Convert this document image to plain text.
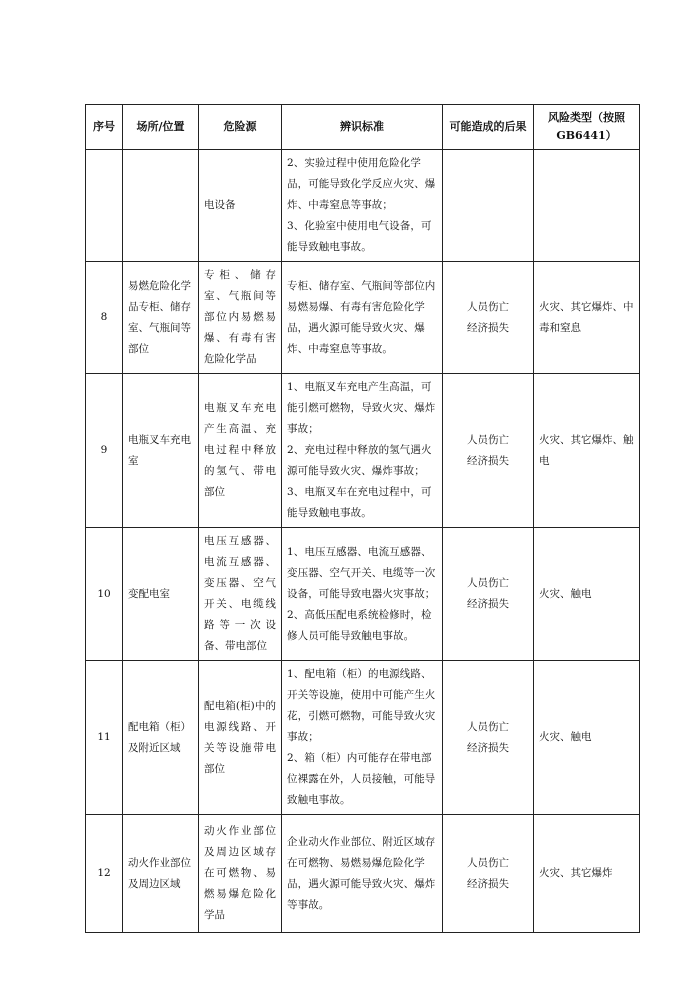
序号	场所/位置	危险源	辨识标准	可能造成的后果	风险类型（按照GB6441）
		电设备	2、实验过程中使用危险化学品，可能导致化学反应火灾、爆炸、中毒窒息等事故；
3、化验室中使用电气设备，可能导致触电事故。		
8	易燃危险化学品专柜、储存室、气瓶间等部位	专柜、储存室、气瓶间等部位内易燃易爆、有毒有害危险化学品	专柜、储存室、气瓶间等部位内易燃易爆、有毒有害危险化学品，遇火源可能导致火灾、爆炸、中毒窒息等事故。	人员伤亡
经济损失	火灾、其它爆炸、中毒和窒息
9	电瓶叉车充电室	电瓶叉车充电产生高温、充电过程中释放的氢气、带电部位	1、电瓶叉车充电产生高温，可能引燃可燃物，导致火灾、爆炸事故；
2、充电过程中释放的氢气遇火源可能导致火灾、爆炸事故；
3、电瓶叉车在充电过程中，可能导致触电事故。	人员伤亡
经济损失	火灾、其它爆炸、触电
10	变配电室	电压互感器、电流互感器、变压器、空气开关、电缆线路等一次设备、带电部位	1、电压互感器、电流互感器、变压器、空气开关、电缆等一次设备，可能导致电器火灾事故； 2、高低压配电系统检修时，检修人员可能导致触电事故。	人员伤亡
经济损失	火灾、触电
11	配电箱（柜）及附近区域	配电箱(柜)中的电源线路、开关等设施带电部位	1、配电箱（柜）的电源线路、开关等设施，使用中可能产生火花，引燃可燃物，可能导致火灾事故；
2、箱（柜）内可能存在带电部位裸露在外，人员接触，可能导致触电事故。	人员伤亡
经济损失	火灾、触电
12	动火作业部位及周边区域	动火作业部位及周边区域存在可燃物、易燃易爆危险化学品	企业动火作业部位、附近区域存在可燃物、易燃易爆危险化学品，遇火源可能导致火灾、爆炸等事故。	人员伤亡
经济损失	火灾、其它爆炸
